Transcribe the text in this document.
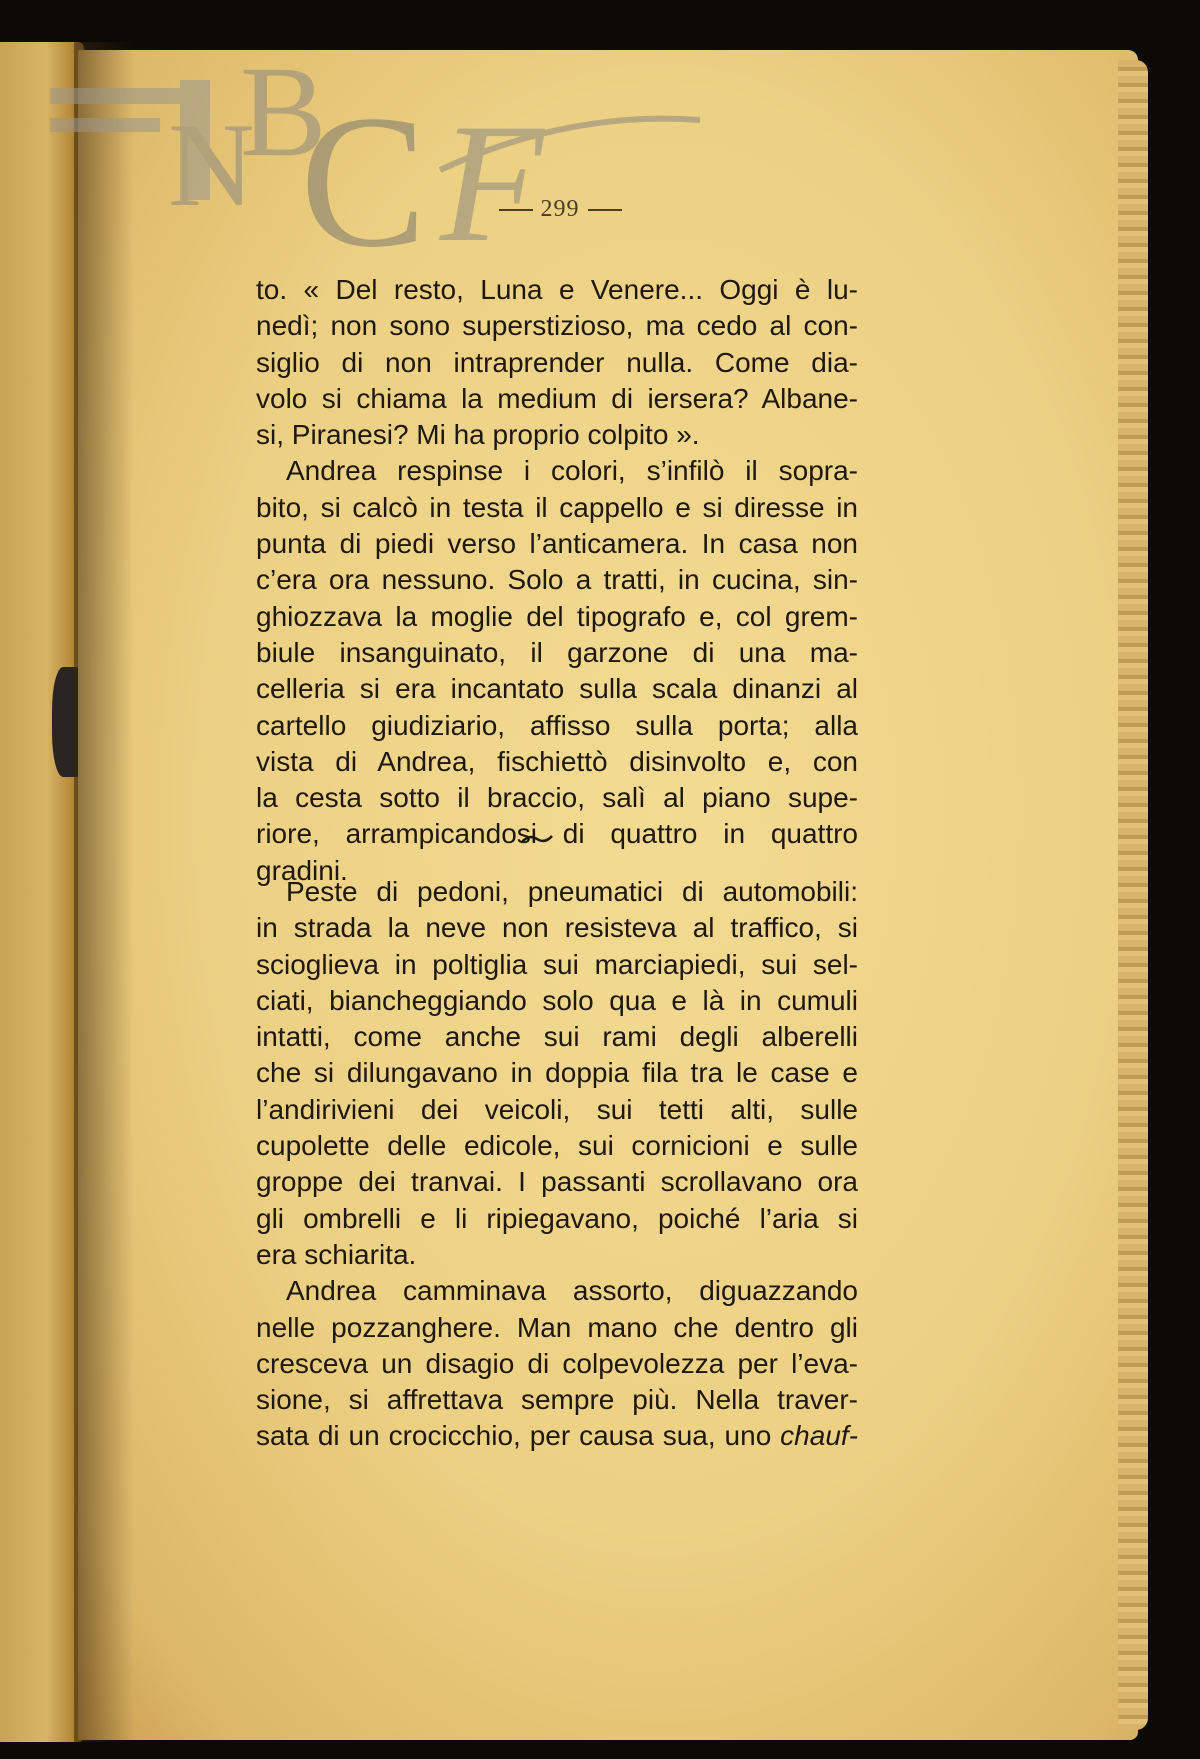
N
B
C F
299
to. « Del resto, Luna e Venere... Oggi è lu-
nedì; non sono superstizioso, ma cedo al con-
siglio di non intraprender nulla. Come dia-
volo si chiama la medium di iersera? Albane-
si, Piranesi? Mi ha proprio colpito ».
Andrea respinse i colori, s’infilò il sopra-
bito, si calcò in testa il cappello e si diresse in
punta di piedi verso l’anticamera. In casa non
c’era ora nessuno. Solo a tratti, in cucina, sin-
ghiozzava la moglie del tipografo e, col grem-
biule insanguinato, il garzone di una ma-
celleria si era incantato sulla scala dinanzi al
cartello giudiziario, affisso sulla porta; alla
vista di Andrea, fischiettò disinvolto e, con
la cesta sotto il braccio, salì al piano supe-
riore, arrampicandosi di quattro in quattro
gradini.
Peste di pedoni, pneumatici di automobili:
in strada la neve non resisteva al traffico, si
scioglieva in poltiglia sui marciapiedi, sui sel-
ciati, biancheggiando solo qua e là in cumuli
intatti, come anche sui rami degli alberelli
che si dilungavano in doppia fila tra le case e
l’andirivieni dei veicoli, sui tetti alti, sulle
cupolette delle edicole, sui cornicioni e sulle
groppe dei tranvai. I passanti scrollavano ora
gli ombrelli e li ripiegavano, poiché l’aria si
era schiarita.
Andrea camminava assorto, diguazzando
nelle pozzanghere. Man mano che dentro gli
cresceva un disagio di colpevolezza per l’eva-
sione, si affrettava sempre più. Nella traver-
sata di un crocicchio, per causa sua, uno chauf-
